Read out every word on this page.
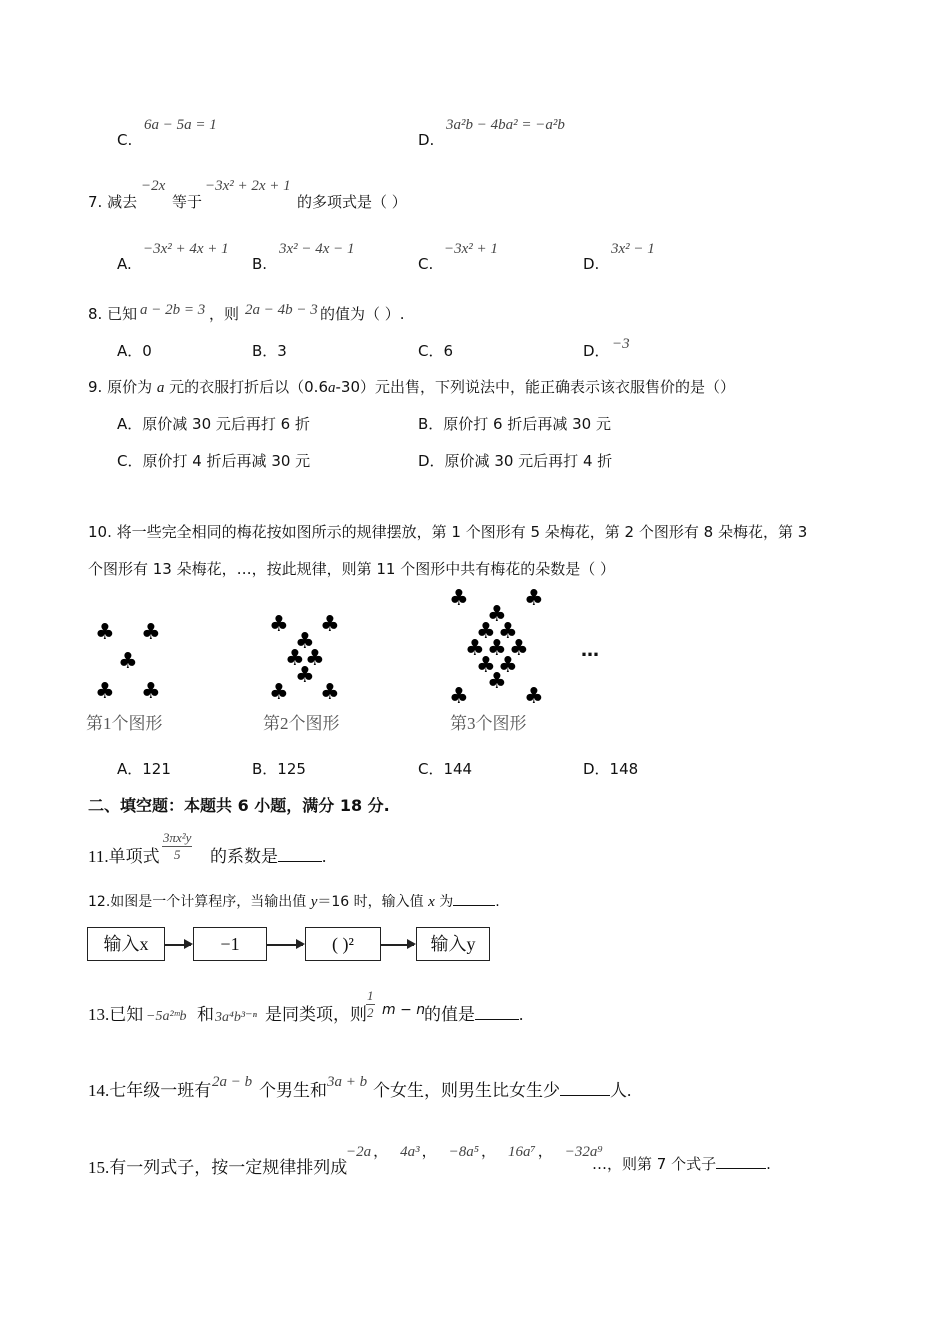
C.
6a − 5a = 1
D.
3a²b − 4ba² = −a²b
7. 减去
−2x
等于
−3x² + 2x + 1
的多项式是（ ）
A.
−3x² + 4x + 1
B.
3x² − 4x − 1
C.
−3x² + 1
D.
3x² − 1
8. 已知 a − 2b = 3 ，则 2a − 4b − 3 的值为（ ）.
A．0	B．3	C．6	D． −3
9. 原价为 a 元的衣服打折后以（0.6a-30）元出售，下列说法中，能正确表示该衣服售价的是（）
A．原价减 30 元后再打 6 折	B．原价打 6 折后再减 30 元
C．原价打 4 折后再减 30 元	D．原价减 30 元后再打 4 折
10. 将一些完全相同的梅花按如图所示的规律摆放，第 1 个图形有 5 朵梅花，第 2 个图形有 8 朵梅花，第 3
个图形有 13 朵梅花，…，按此规律，则第 11 个图形中共有梅花的朵数是（ ）
♣ ♣
♣
♣ ♣
第1个图形
♣ ♣
♣
♣ ♣
♣
♣ ♣
第2个图形
♣	♣
♣
♣ ♣
♣ ♣ ♣
♣ ♣
♣
♣	♣
第3个图形
…
A．121	B．125	C．144	D．148
二、填空题：本题共 6 小题，满分 18 分.
11.单项式 $\frac{\text{3πx²y}}{5}$ 的系数是	.
12.如图是一个计算程序，当输出值 y＝16 时，输入值 x 为	.
输入x	−1	( )²	输入y
13.已知 −5a²ᵐb 和 3a⁴b³⁻ⁿ 是同类项，则 $\frac{1}{2}$ m − n
的值是	.
14.七年级一班有 2a − b 个男生和 3a + b 个女生，则男生比女生少	人.
15.有一列式子，按一定规律排列成
−2a ， 4a³ ， −8a⁵ ， 16a⁷ ， −32a⁹
…，则第 7 个式子	.
